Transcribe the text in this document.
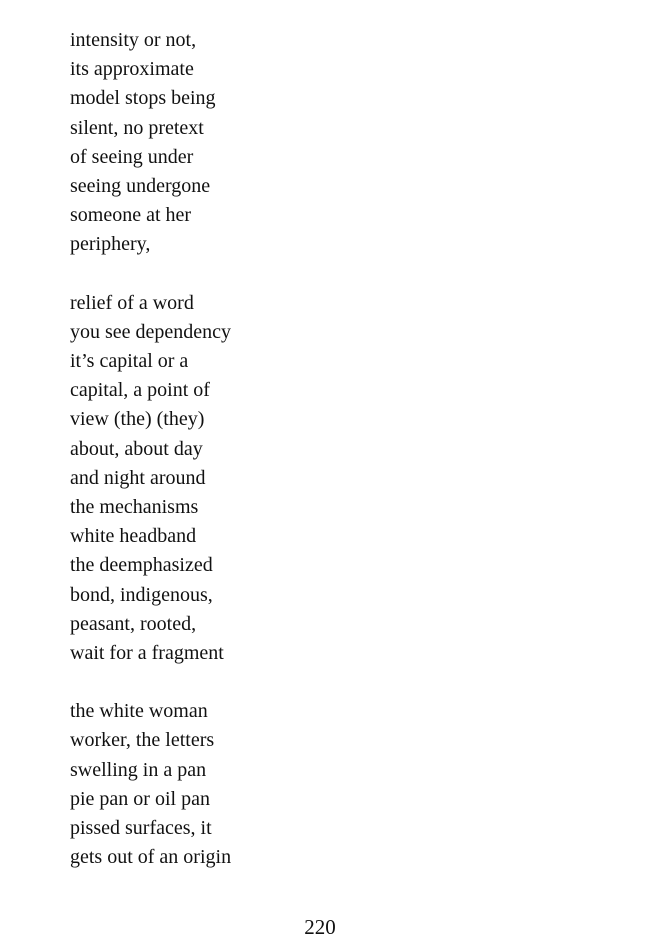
intensity or not,
its approximate
model stops being
silent, no pretext
of seeing under
seeing undergone
someone at her
periphery,
relief of a word
you see dependency
it’s capital or a
capital, a point of
view (the) (they)
about, about day
and night around
the mechanisms
white headband
the deemphasized
bond, indigenous,
peasant, rooted,
wait for a fragment
the white woman
worker, the letters
swelling in a pan
pie pan or oil pan
pissed surfaces, it
gets out of an origin
220
